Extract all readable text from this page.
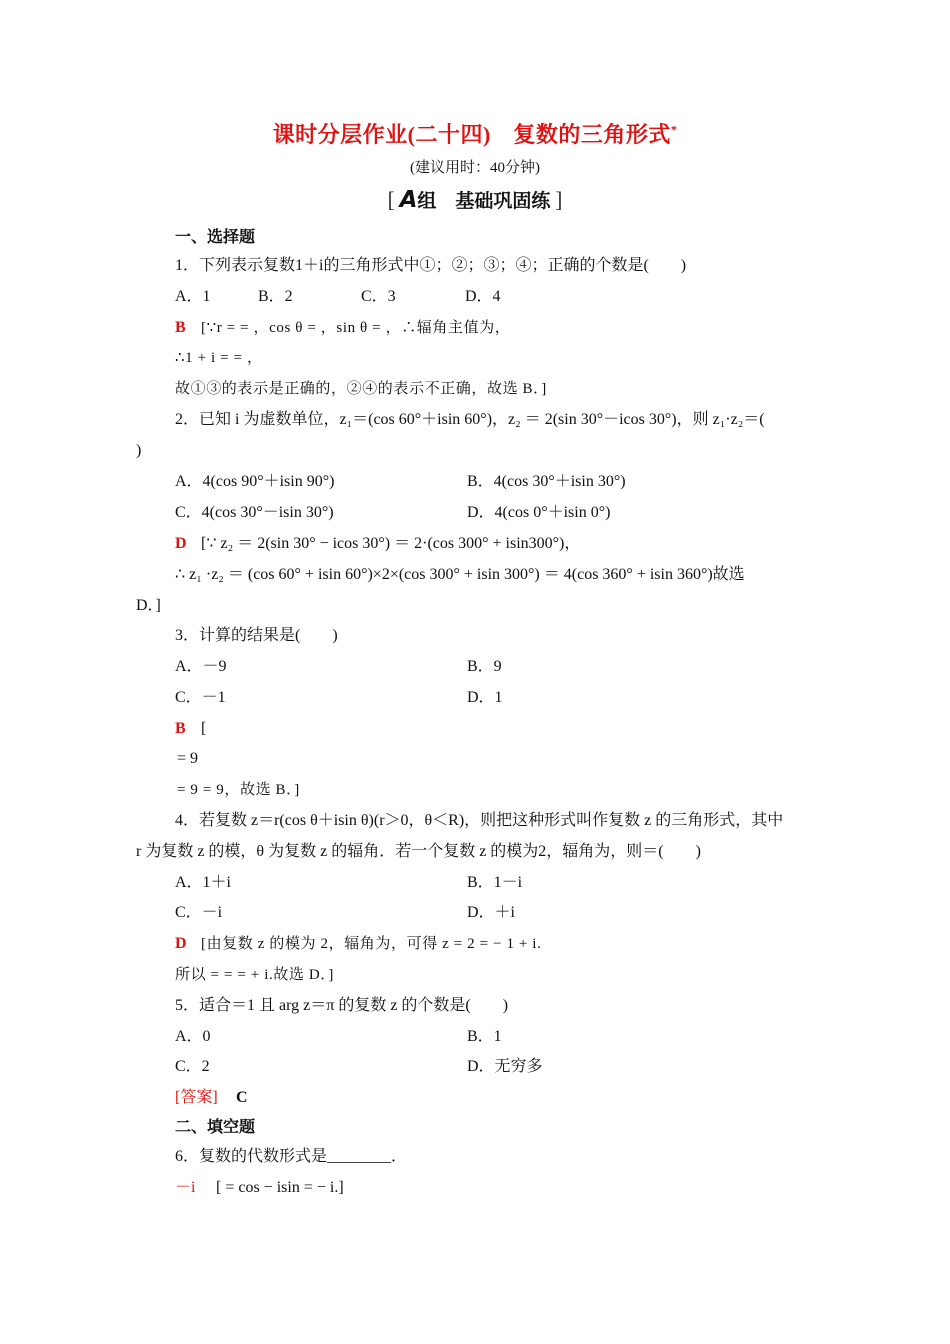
课时分层作业(二十四)　复数的三角形式*
(建议用时：40分钟)
[ A组　基础巩固练 ]
一、选择题
1．下列表示复数1＋i的三角形式中①；②；③；④；正确的个数是(　　)
A．1	B．2	C．3	D．4
B [∵r = = ，cos θ = ，sin θ = ，∴辐角主值为，
∴1 + i = = ，
故①③的表示是正确的，②④的表示不正确，故选 B．]
2．已知 i 为虚数单位，z₁＝(cos 60°＋isin 60°)，z₂ ＝ 2(sin 30°－icos 30°)，则 z₁·z₂＝(
)
A．4(cos 90°＋isin 90°)	B．4(cos 30°＋isin 30°)
C．4(cos 30°－isin 30°)	D．4(cos 0°＋isin 0°)
D [∵ z₂ ＝ 2(sin 30° − icos 30°) ＝ 2·(cos 300° + isin300°)，
∴ z₁ ·z₂ ＝ (cos 60° + isin 60°)×2×(cos 300° + isin 300°) ＝ 4(cos 360° + isin 360°)故选
D．]
3．计算的结果是(　　)
A．－9	B．9
C．－1	D．1
B [
= 9
= 9 = 9，故选 B．]
4．若复数 z＝r(cos θ＋isin θ)(r＞0，θ＜R)，则把这种形式叫作复数 z 的三角形式，其中
r 为复数 z 的模，θ 为复数 z 的辐角．若一个复数 z 的模为2，辐角为，则＝(　　)
A．1＋i	B．1－i
C．－i	D．＋i
D [由复数 z 的模为 2，辐角为，可得 z = 2 = − 1 + i.
所以 = = = + i.故选 D．]
5．适合＝1 且 arg z＝π 的复数 z 的个数是(　　)
A．0	B．1
C．2	D．无穷多
[答案] C
二、填空题
6．复数的代数形式是________．
－i [ = cos − isin = − i.]
